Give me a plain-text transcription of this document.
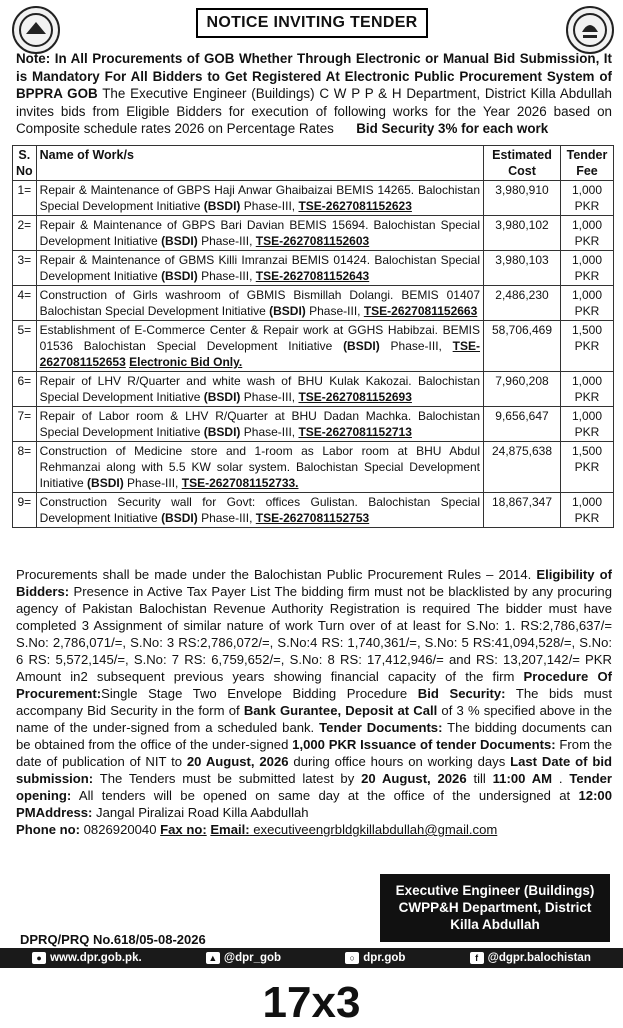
NOTICE INVITING TENDER
Note: In All Procurements of GOB Whether Through Electronic or Manual Bid Submission, It is Mandatory For All Bidders to Get Registered At Electronic Public Procurement System of BPPRA GOB The Executive Engineer (Buildings) C W P P & H Department, District Killa Abdullah invites bids from Eligible Bidders for execution of following works for the Year 2026 based on Composite schedule rates 2026 on Percentage Rates Bid Security 3% for each work
S. No	Name of Work/s	Estimated Cost	Tender Fee
1=	Repair & Maintenance of GBPS Haji Anwar Ghaibaizai BEMIS 14265. Balochistan Special Development Initiative (BSDI) Phase-III, TSE-2627081152623	3,980,910	1,000
PKR
2=	Repair & Maintenance of GBPS Bari Davian BEMIS 15694. Balochistan Special Development Initiative (BSDI) Phase-III, TSE-2627081152603	3,980,102	1,000
PKR
3=	Repair & Maintenance of GBMS Killi Imranzai BEMIS 01424. Balochistan Special Development Initiative (BSDI) Phase-III, TSE-2627081152643	3,980,103	1,000
PKR
4=	Construction of Girls washroom of GBMIS Bismillah Dolangi. BEMIS 01407 Balochistan Special Development Initiative (BSDI) Phase-III, TSE-2627081152663	2,486,230	1,000
PKR
5=	Establishment of E-Commerce Center & Repair work at GGHS Habibzai. BEMIS 01536 Balochistan Special Development Initiative (BSDI) Phase-III, TSE-2627081152653 Electronic Bid Only.	58,706,469	1,500
PKR
6=	Repair of LHV R/Quarter and white wash of BHU Kulak Kakozai. Balochistan Special Development Initiative (BSDI) Phase-III, TSE-2627081152693	7,960,208	1,000
PKR
7=	Repair of Labor room & LHV R/Quarter at BHU Dadan Machka. Balochistan Special Development Initiative (BSDI) Phase-III, TSE-2627081152713	9,656,647	1,000
PKR
8=	Construction of Medicine store and 1-room as Labor room at BHU Abdul Rehmanzai along with 5.5 KW solar system. Balochistan Special Development Initiative (BSDI) Phase-III, TSE-2627081152733.	24,875,638	1,500
PKR
9=	Construction Security wall for Govt: offices Gulistan. Balochistan Special Development Initiative (BSDI) Phase-III, TSE-2627081152753	18,867,347	1,000
PKR
Procurements shall be made under the Balochistan Public Procurement Rules – 2014. Eligibility of Bidders: Presence in Active Tax Payer List The bidding firm must not be blacklisted by any procuring agency of Pakistan Balochistan Revenue Authority Registration is required The bidder must have completed 3 Assignment of similar nature of work Turn over of at least for S.No: 1. RS:2,786,637/= S.No: 2,786,071/=, S.No: 3 RS:2,786,072/=, S.No:4 RS: 1,740,361/=, S.No: 5 RS:41,094,528/=, S.No: 6 RS: 5,572,145/=, S.No: 7 RS: 6,759,652/=, S.No: 8 RS: 17,412,946/= and RS: 13,207,142/= PKR Amount in2 subsequent previous years showing financial capacity of the firm Procedure Of Procurement:Single Stage Two Envelope Bidding Procedure Bid Security: The bids must accompany Bid Security in the form of Bank Gurantee, Deposit at Call of 3 % specified above in the name of the under-signed from a scheduled bank. Tender Documents: The bidding documents can be obtained from the office of the under-signed 1,000 PKR Issuance of tender Documents: From the date of publication of NIT to 20 August, 2026 during office hours on working days Last Date of bid submission: The Tenders must be submitted latest by 20 August, 2026 till 11:00 AM . Tender opening: All tenders will be opened on same day at the office of the undersigned at 12:00 PMAddress: Jangal Piralizai Road Killa Aabdullah
Phone no: 0826920040 Fax no: Email: executiveengrbldgkillabdullah@gmail.com
Executive Engineer (Buildings)
CWPP&H Department, District
Killa Abdullah
DPRQ/PRQ No.618/05-08-2026
● www.dpr.gob.pk.	▲ @dpr_gob	○ dpr.gob	f @dgpr.balochistan
17x3
